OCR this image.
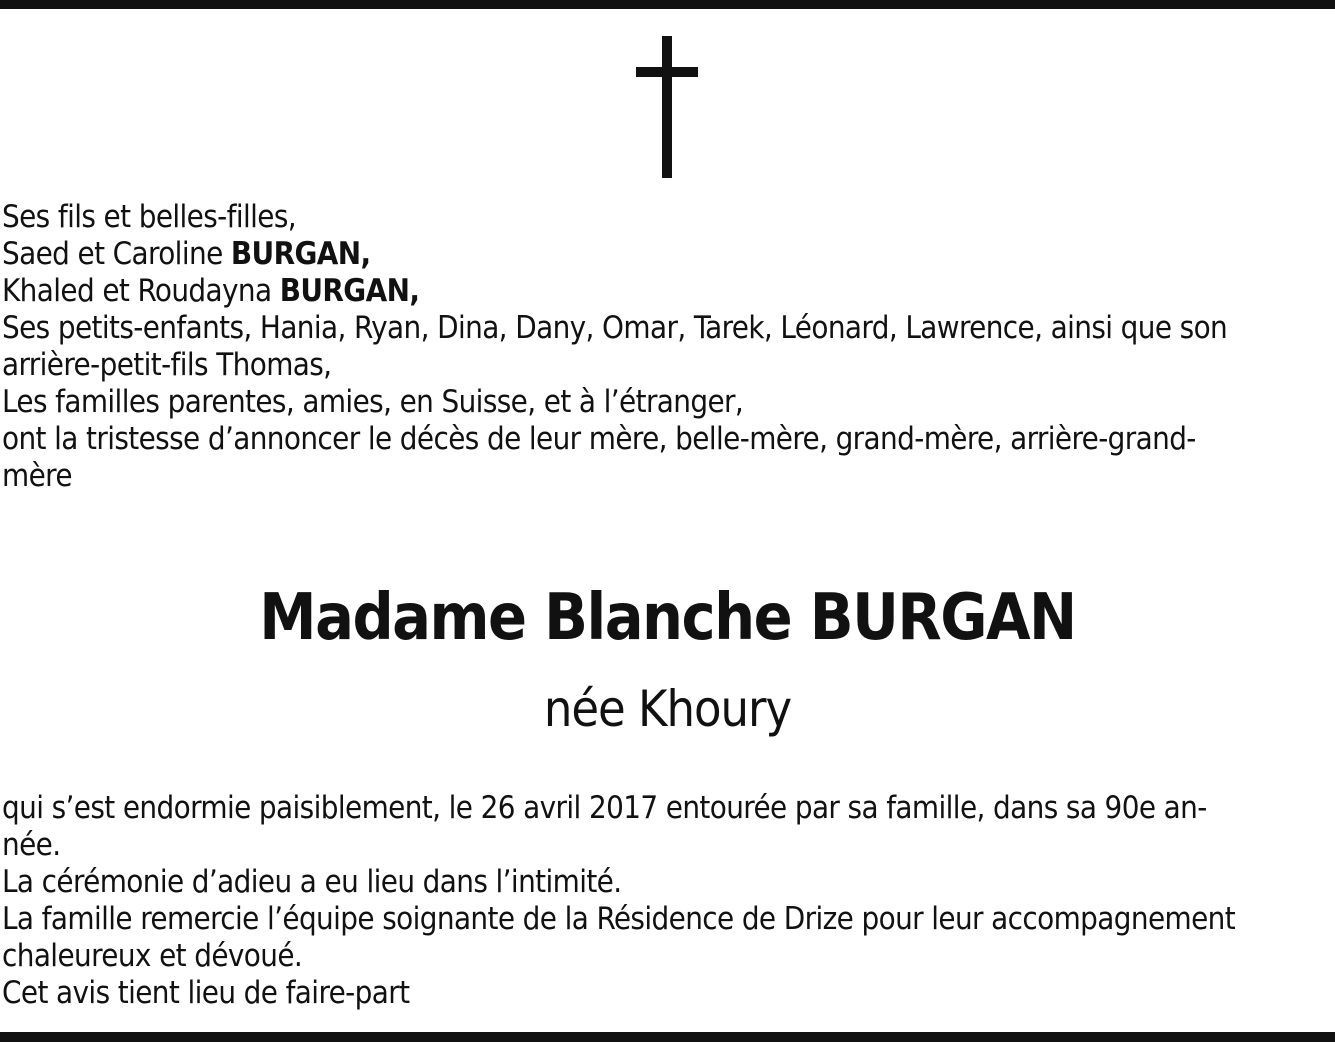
Ses fils et belles-filles,
Saed et Caroline BURGAN,
Khaled et Roudayna BURGAN,
Ses petits-enfants, Hania, Ryan, Dina, Dany, Omar, Tarek, Léonard, Lawrence, ainsi que son
arrière-petit-fils Thomas,
Les familles parentes, amies, en Suisse, et à l’étranger,
ont la tristesse d’annoncer le décès de leur mère, belle-mère, grand-mère, arrière-grand-
mère
Madame Blanche BURGAN
née Khoury
qui s’est endormie paisiblement, le 26 avril 2017 entourée par sa famille, dans sa 90e an-
née.
La cérémonie d’adieu a eu lieu dans l’intimité.
La famille remercie l’équipe soignante de la Résidence de Drize pour leur accompagnement
chaleureux et dévoué.
Cet avis tient lieu de faire-part
